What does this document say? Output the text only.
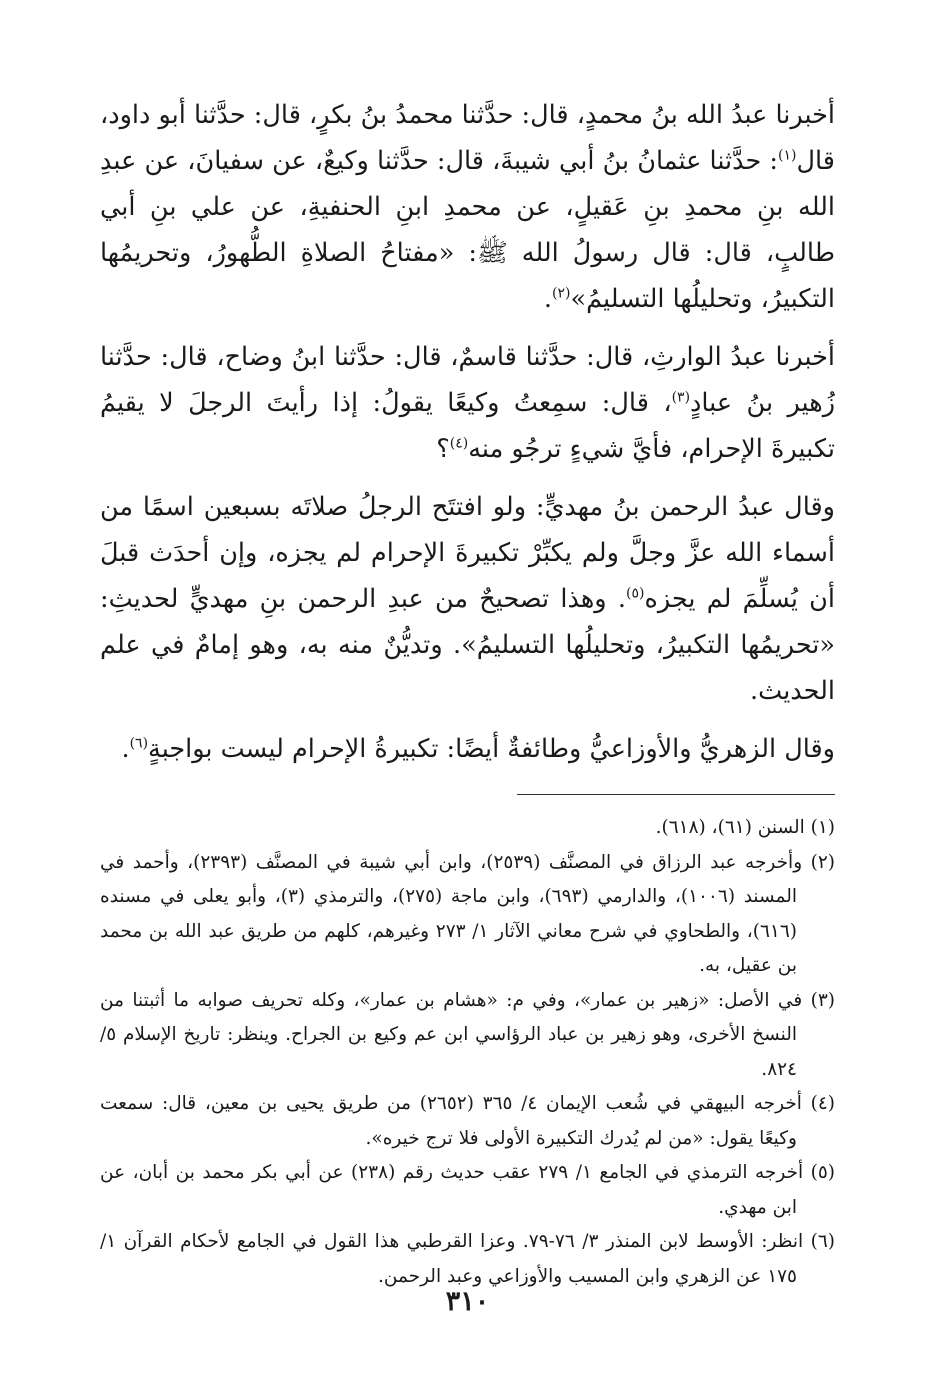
أخبرنا عبدُ الله بنُ محمدٍ، قال: حدَّثنا محمدُ بنُ بكرٍ، قال: حدَّثنا أبو داود، قال$^{(١)}$: حدَّثنا عثمانُ بنُ أبي شيبةَ، قال: حدَّثنا وكيعٌ، عن سفيانَ، عن عبدِ الله بنِ محمدِ بنِ عَقيلٍ، عن محمدِ ابنِ الحنفيةِ، عن علي بنِ أبي طالبٍ، قال: قال رسولُ الله ﷺ: «مفتاحُ الصلاةِ الطُّهورُ، وتحريمُها التكبيرُ، وتحليلُها التسليمُ»$^{(٢)}$.

أخبرنا عبدُ الوارثِ، قال: حدَّثنا قاسمٌ، قال: حدَّثنا ابنُ وضاح، قال: حدَّثنا زُهير بنُ عبادٍ$^{(٣)}$، قال: سمِعتُ وكيعًا يقولُ: إذا رأيتَ الرجلَ لا يقيمُ تكبيرةَ الإحرام، فأيَّ شيءٍ ترجُو منه$^{(٤)}$؟

وقال عبدُ الرحمن بنُ مهديٍّ: ولو افتتَح الرجلُ صلاتَه بسبعين اسمًا من أسماء الله عزَّ وجلَّ ولم يكبِّرْ تكبيرةَ الإحرام لم يجزه، وإن أحدَث قبلَ أن يُسلِّمَ لم يجزه$^{(٥)}$. وهذا تصحيحٌ من عبدِ الرحمن بنِ مهديٍّ لحديثِ: «تحريمُها التكبيرُ، وتحليلُها التسليمُ». وتديُّنٌ منه به، وهو إمامٌ في علم الحديث.

وقال الزهريُّ والأوزاعيُّ وطائفةٌ أيضًا: تكبيرةُ الإحرام ليست بواجبةٍ$^{(٦)}$.

(١) السنن (٦١)، (٦١٨).

(٢) وأخرجه عبد الرزاق في المصنَّف (٢٥٣٩)، وابن أبي شيبة في المصنَّف (٢٣٩٣)، وأحمد في المسند (١٠٠٦)، والدارمي (٦٩٣)، وابن ماجة (٢٧٥)، والترمذي (٣)، وأبو يعلى في مسنده (٦١٦)، والطحاوي في شرح معاني الآثار ١/ ٢٧٣ وغيرهم، كلهم من طريق عبد الله بن محمد بن عقيل، به.

(٣) في الأصل: «زهير بن عمار»، وفي م: «هشام بن عمار»، وكله تحريف صوابه ما أثبتنا من النسخ الأخرى، وهو زهير بن عباد الرؤاسي ابن عم وكيع بن الجراح. وينظر: تاريخ الإسلام ٥/ ٨٢٤.

(٤) أخرجه البيهقي في شُعب الإيمان ٤/ ٣٦٥ (٢٦٥٢) من طريق يحيى بن معين، قال: سمعت وكيعًا يقول: «من لم يُدرك التكبيرة الأولى فلا ترج خيره».

(٥) أخرجه الترمذي في الجامع ١/ ٢٧٩ عقب حديث رقم (٢٣٨) عن أبي بكر محمد بن أبان، عن ابن مهدي.

(٦) انظر: الأوسط لابن المنذر ٣/ ٧٦-٧٩. وعزا القرطبي هذا القول في الجامع لأحكام القرآن ١/ ١٧٥ عن الزهري وابن المسيب والأوزاعي وعبد الرحمن.

٣١٠
